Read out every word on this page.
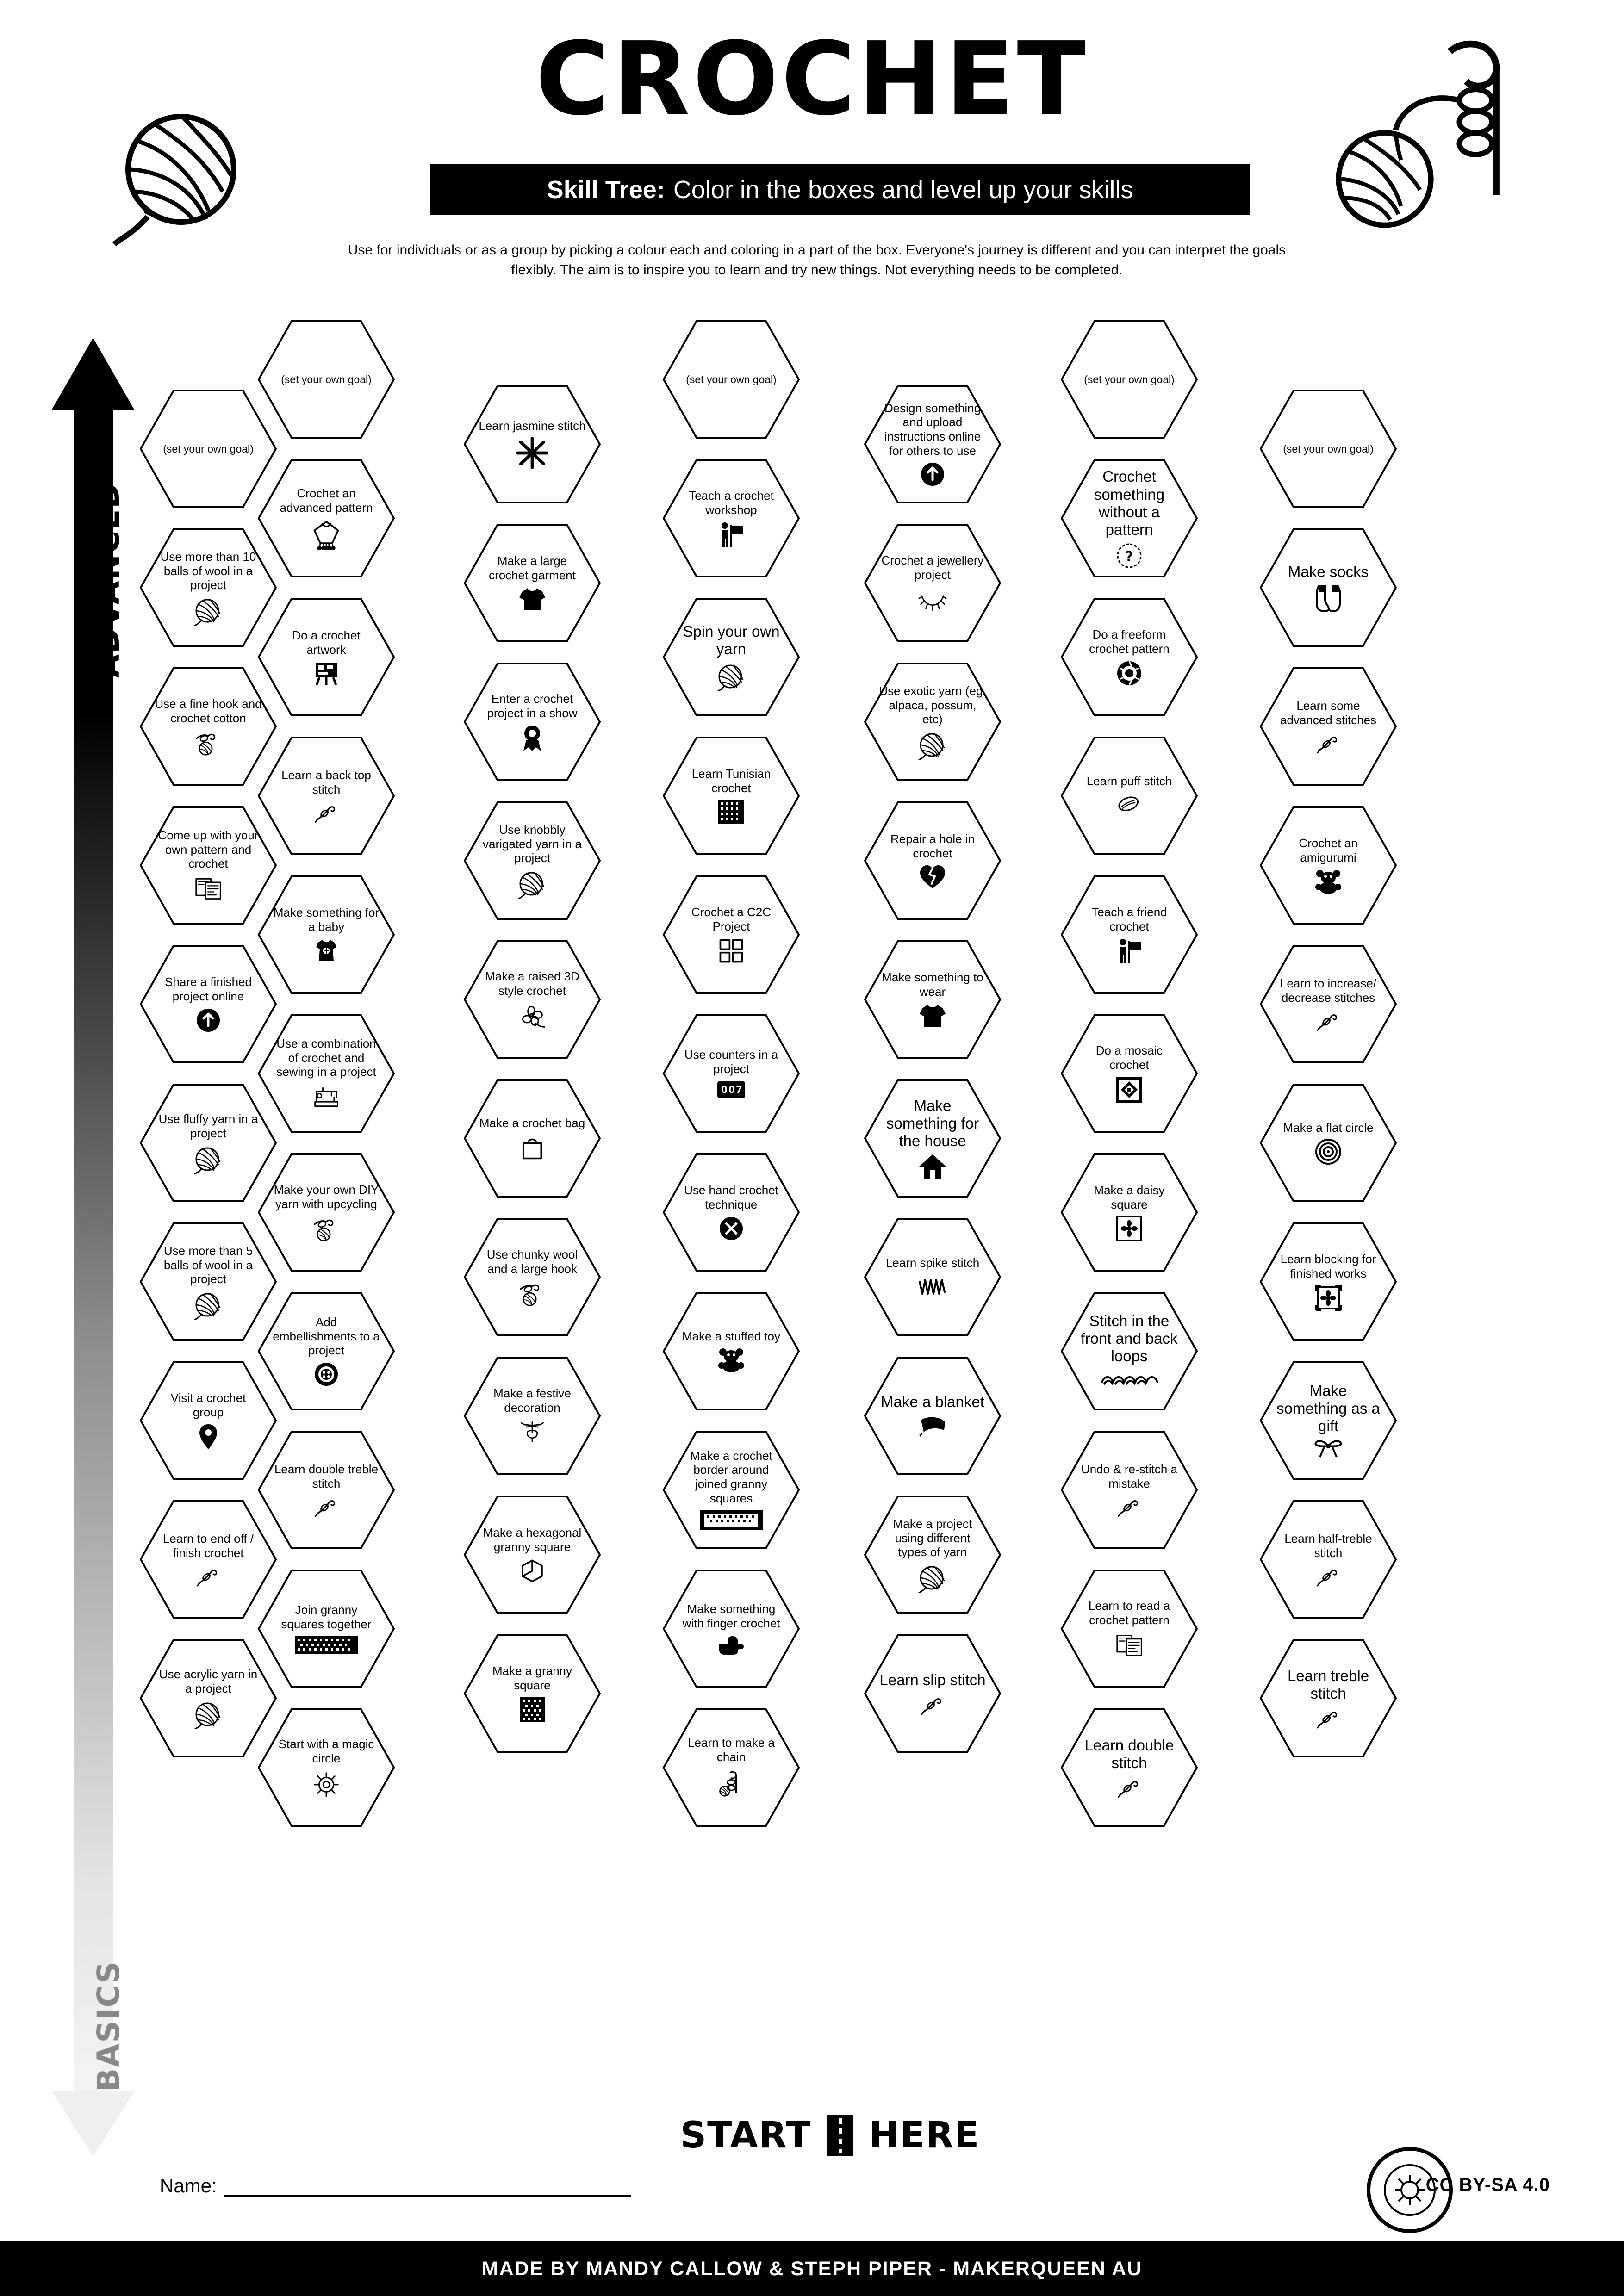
CROCHET
Skill Tree: Color in the boxes and level up your skills
Use for individuals or as a group by picking a colour each and coloring in a part of the box. Everyone's journey is different and you can interpret the goals flexibly. The aim is to inspire you to learn and try new things. Not everything needs to be completed.
ADVANCED
BASICS
(set your own goal)
Use more than 10 balls of wool in a project
Use a fine hook and crochet cotton
Come up with your own pattern and crochet
Share a finished project online
Use fluffy yarn in a project
Use more than 5 balls of wool in a project
Visit a crochet group
Learn to end off / finish crochet
Use acrylic yarn in a project
(set your own goal)
Crochet an advanced pattern
Do a crochet artwork
Learn a back top stitch
Make something for a baby
Use a combination of crochet and sewing in a project
Make your own DIY yarn with upcycling
Add embellishments to a project
Learn double treble stitch
Join granny squares together
Start with a magic circle
Learn jasmine stitch
Make a large crochet garment
Enter a crochet project in a show
Use knobbly varigated yarn in a project
Make a raised 3D style crochet
Make a crochet bag
Use chunky wool and a large hook
Make a festive decoration
Make a hexagonal granny square
Make a granny square
(set your own goal)
Teach a crochet workshop
Spin your own yarn
Learn Tunisian crochet
Crochet a C2C Project
Use counters in a project
0 0 7
Use hand crochet technique
Make a stuffed toy
Make a crochet border around joined granny squares
Make something with finger crochet
Learn to make a chain
Design something and upload instructions online for others to use
Crochet a jewellery project
Use exotic yarn (eg. alpaca, possum, etc)
Repair a hole in crochet
Make something to wear
Make something for the house
Learn spike stitch
Make a blanket
Make a project using different types of yarn
Learn slip stitch
(set your own goal)
Crochet something without a pattern
?
Do a freeform crochet pattern
Learn puff stitch
Teach a friend crochet
Do a mosaic crochet
Make a daisy square
Stitch in the front and back loops
Undo & re-stitch a mistake
Learn to read a crochet pattern
Learn double stitch
(set your own goal)
Make socks
Learn some advanced stitches
Crochet an amigurumi
Learn to increase/ decrease stitches
Make a flat circle
Learn blocking for finished works
Make something as a gift
Learn half-treble stitch
Learn treble stitch
START HERE
Name:	CC BY-SA 4.0
MADE BY MANDY CALLOW & STEPH PIPER - MAKERQUEEN AU
